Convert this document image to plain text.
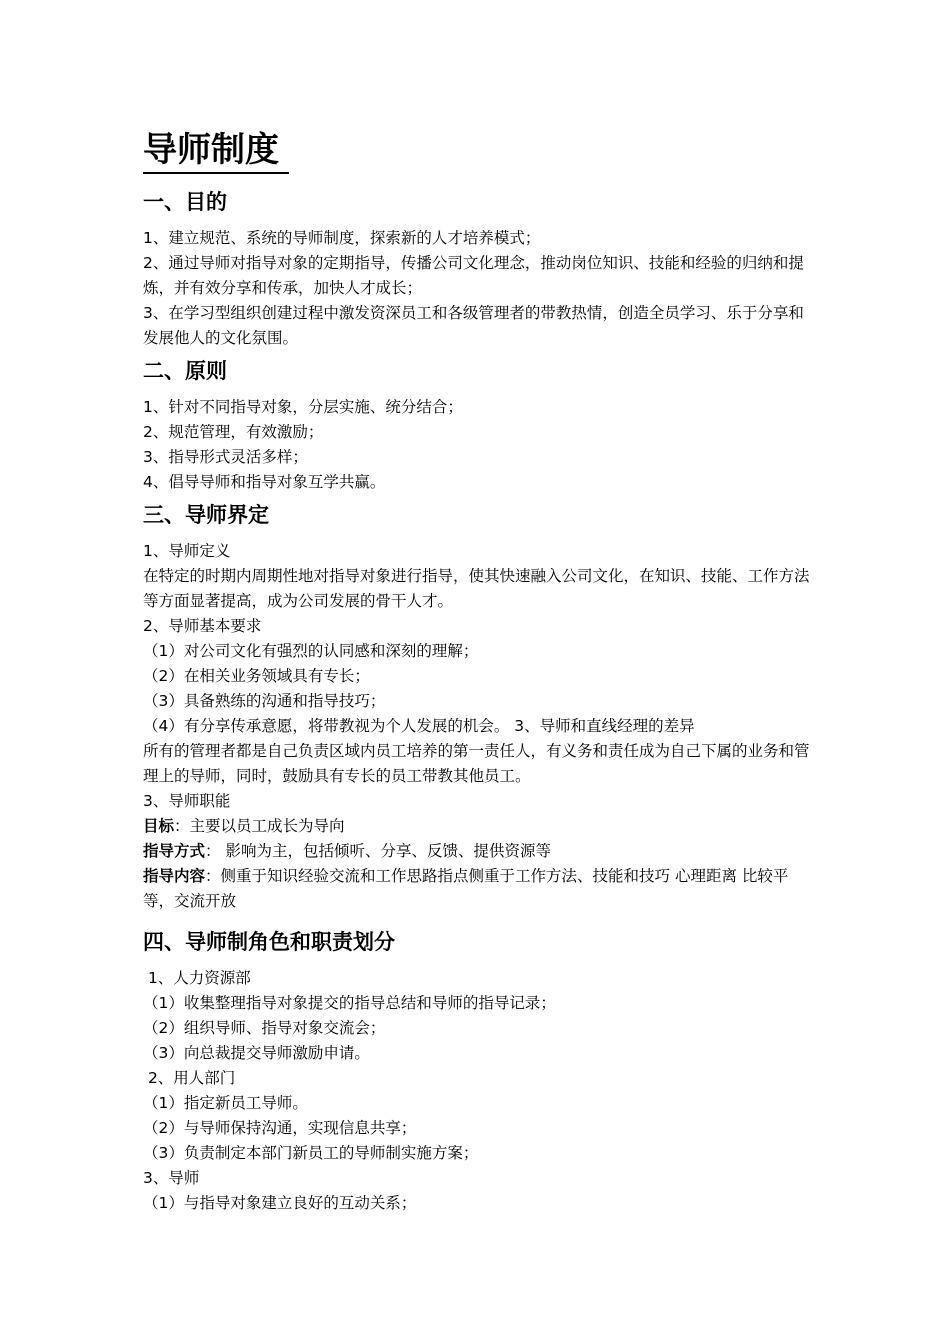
导师制度
一、目的

1、建立规范、系统的导师制度，探索新的人才培养模式；

2、通过导师对指导对象的定期指导，传播公司文化理念，推动岗位知识、技能和经验的归纳和提炼，并有效分享和传承，加快人才成长；

3、在学习型组织创建过程中激发资深员工和各级管理者的带教热情，创造全员学习、乐于分享和发展他人的文化氛围。

二、原则

1、针对不同指导对象，分层实施、统分结合；

2、规范管理，有效激励；

3、指导形式灵活多样；

4、倡导导师和指导对象互学共赢。

三、导师界定

1、导师定义

在特定的时期内周期性地对指导对象进行指导，使其快速融入公司文化，在知识、技能、工作方法等方面显著提高，成为公司发展的骨干人才。

2、导师基本要求

（1）对公司文化有强烈的认同感和深刻的理解；

（2）在相关业务领域具有专长；

（3）具备熟练的沟通和指导技巧；

（4）有分享传承意愿，将带教视为个人发展的机会。 3、导师和直线经理的差异

所有的管理者都是自己负责区域内员工培养的第一责任人，有义务和责任成为自己下属的业务和管理上的导师，同时，鼓励具有专长的员工带教其他员工。

3、导师职能

目标：主要以员工成长为导向

指导方式： 影响为主，包括倾听、分享、反馈、提供资源等

指导内容：侧重于知识经验交流和工作思路指点侧重于工作方法、技能和技巧 心理距离 比较平等，交流开放

四、导师制角色和职责划分

1、人力资源部

（1）收集整理指导对象提交的指导总结和导师的指导记录；

（2）组织导师、指导对象交流会；

（3）向总裁提交导师激励申请。

2、用人部门

（1）指定新员工导师。

（2）与导师保持沟通，实现信息共享；

（3）负责制定本部门新员工的导师制实施方案；

3、导师

（1）与指导对象建立良好的互动关系；
